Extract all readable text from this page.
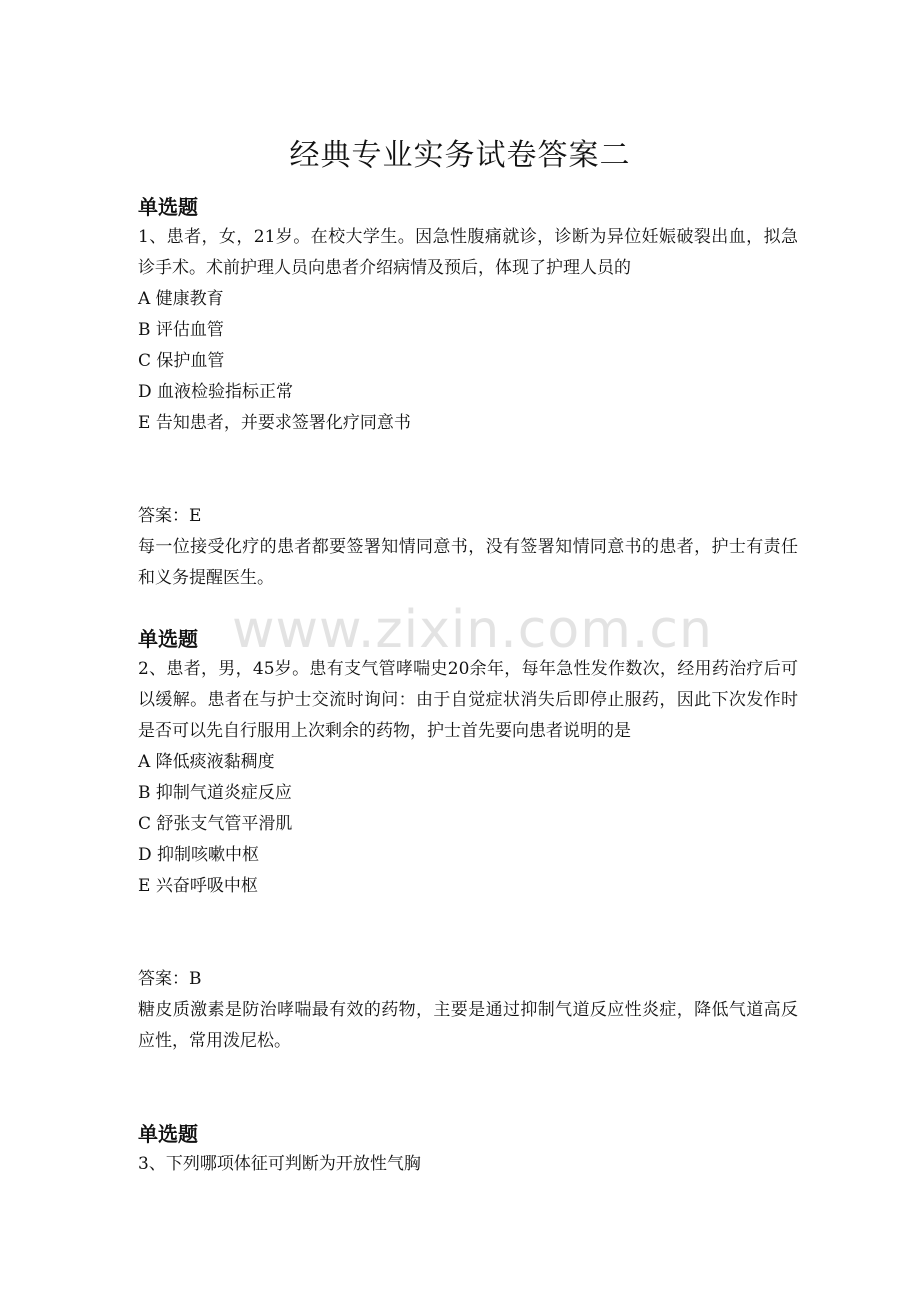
www.zixin.com.cn
经典专业实务试卷答案二

单选题

1、患者，女，21岁。在校大学生。因急性腹痛就诊，诊断为异位妊娠破裂出血，拟急诊手术。术前护理人员向患者介绍病情及预后，体现了护理人员的

A 健康教育

B 评估血管

C 保护血管

D 血液检验指标正常

E 告知患者，并要求签署化疗同意书

答案：E

每一位接受化疗的患者都要签署知情同意书，没有签署知情同意书的患者，护士有责任和义务提醒医生。

单选题

2、患者，男，45岁。患有支气管哮喘史20余年，每年急性发作数次，经用药治疗后可以缓解。患者在与护士交流时询问：由于自觉症状消失后即停止服药，因此下次发作时是否可以先自行服用上次剩余的药物，护士首先要向患者说明的是

A 降低痰液黏稠度

B 抑制气道炎症反应

C 舒张支气管平滑肌

D 抑制咳嗽中枢

E 兴奋呼吸中枢

答案：B

糖皮质激素是防治哮喘最有效的药物，主要是通过抑制气道反应性炎症，降低气道高反应性，常用泼尼松。

单选题

3、下列哪项体征可判断为开放性气胸
